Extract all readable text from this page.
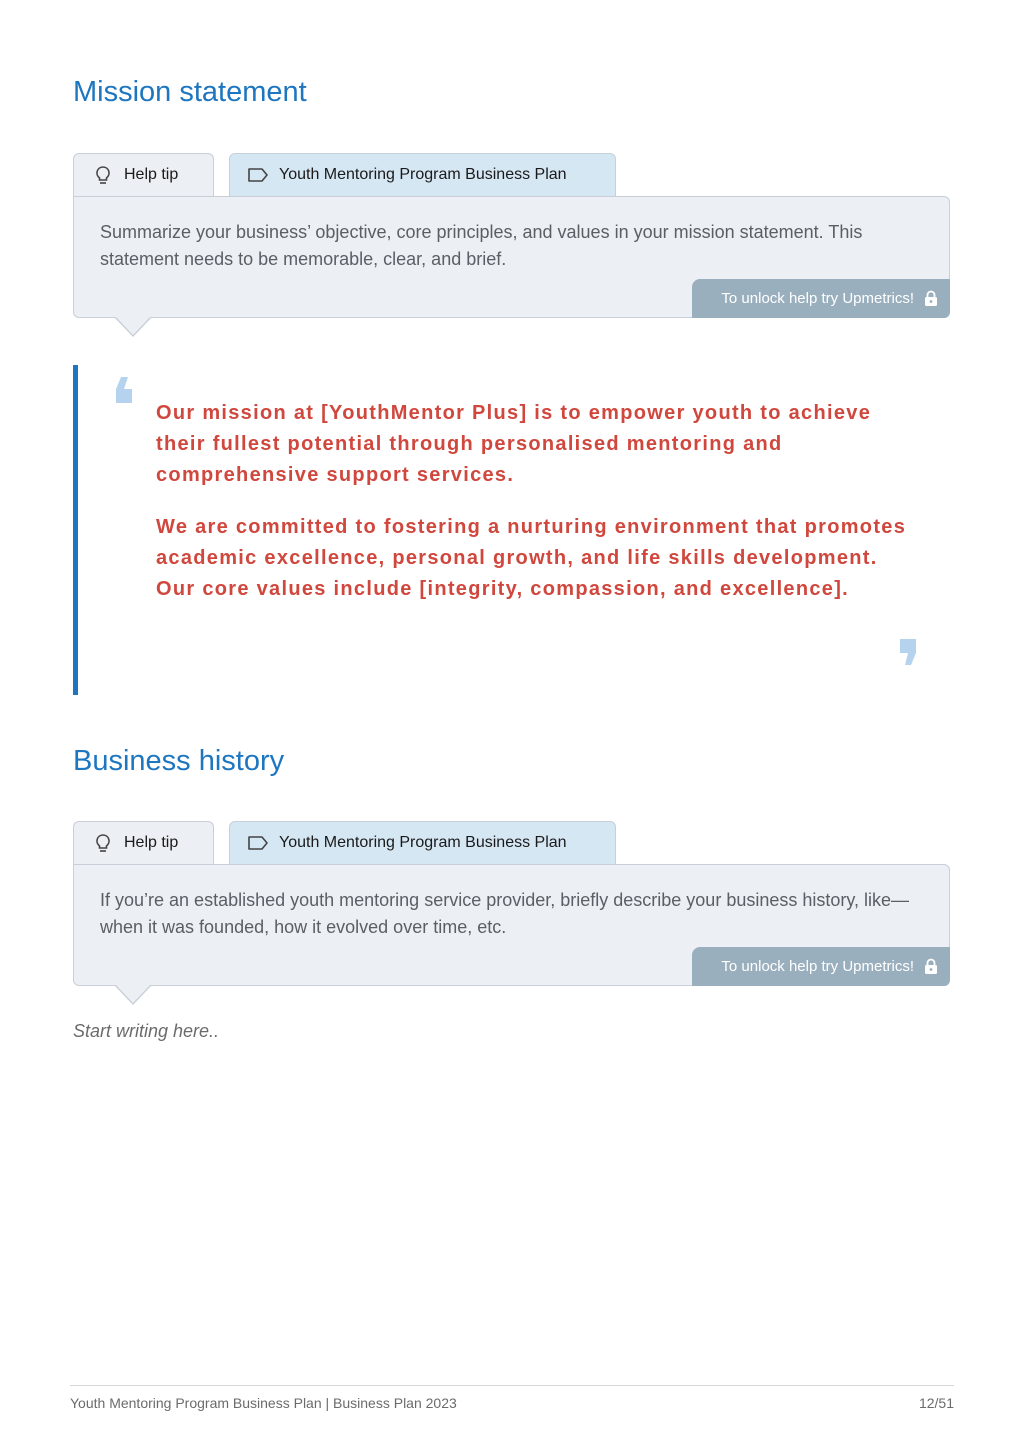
Mission statement
Help tip	Youth Mentoring Program Business Plan
Summarize your business’ objective, core principles, and values in your mission statement. This statement needs to be memorable, clear, and brief.
To unlock help try Upmetrics!

Our mission at [YouthMentor Plus] is to empower youth to achieve their fullest potential through personalised mentoring and comprehensive support services.

We are committed to fostering a nurturing environment that promotes academic excellence, personal growth, and life skills development. Our core values include [integrity, compassion, and excellence].

Business history
Help tip	Youth Mentoring Program Business Plan
If you’re an established youth mentoring service provider, briefly describe your business history, like—when it was founded, how it evolved over time, etc.
To unlock help try Upmetrics!

Start writing here..

Youth Mentoring Program Business Plan | Business Plan 2023	12/51
